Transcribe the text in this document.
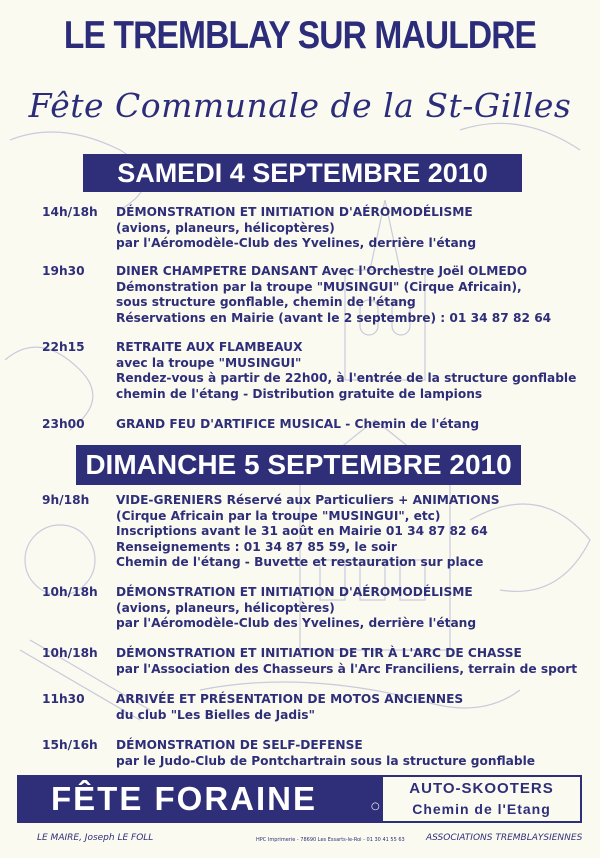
LE TREMBLAY SUR MAULDRE
Fête Communale de la St-Gilles
SAMEDI 4 SEPTEMBRE 2010
14h/18h DÉMONSTRATION ET INITIATION D'AÉROMODÉLISME
(avions, planeurs, hélicoptères)
par l'Aéromodèle-Club des Yvelines, derrière l'étang
19h30	DINER CHAMPETRE DANSANT Avec l'Orchestre Joël OLMEDO
Démonstration par la troupe "MUSINGUI" (Cirque Africain),
sous structure gonflable, chemin de l'étang
Réservations en Mairie (avant le 2 septembre) : 01 34 87 82 64
22h15	RETRAITE AUX FLAMBEAUX
avec la troupe "MUSINGUI"
Rendez-vous à partir de 22h00, à l'entrée de la structure gonflable
chemin de l'étang - Distribution gratuite de lampions
23h00	GRAND FEU D'ARTIFICE MUSICAL - Chemin de l'étang
DIMANCHE 5 SEPTEMBRE 2010
9h/18h VIDE-GRENIERS Réservé aux Particuliers + ANIMATIONS
(Cirque Africain par la troupe "MUSINGUI", etc)
Inscriptions avant le 31 août en Mairie 01 34 87 82 64
Renseignements : 01 34 87 85 59, le soir
Chemin de l'étang - Buvette et restauration sur place
10h/18h DÉMONSTRATION ET INITIATION D'AÉROMODÉLISME
(avions, planeurs, hélicoptères)
par l'Aéromodèle-Club des Yvelines, derrière l'étang
10h/18h DÉMONSTRATION ET INITIATION DE TIR À L'ARC DE CHASSE
par l'Association des Chasseurs à l'Arc Franciliens, terrain de sport
11h30	ARRIVÉE ET PRÉSENTATION DE MOTOS ANCIENNES
du club "Les Bielles de Jadis"
15h/16h DÉMONSTRATION DE SELF-DEFENSE
par le Judo-Club de Pontchartrain sous la structure gonflable
FÊTE FORAINE	○
AUTO-SKOOTERS
Chemin de l'Etang
LE MAIRE, Joseph LE FOLL	HPC Imprimerie - 78690 Les Essarts-le-Roi - 01 30 41 55 63 ASSOCIATIONS TREMBLAYSIENNES
